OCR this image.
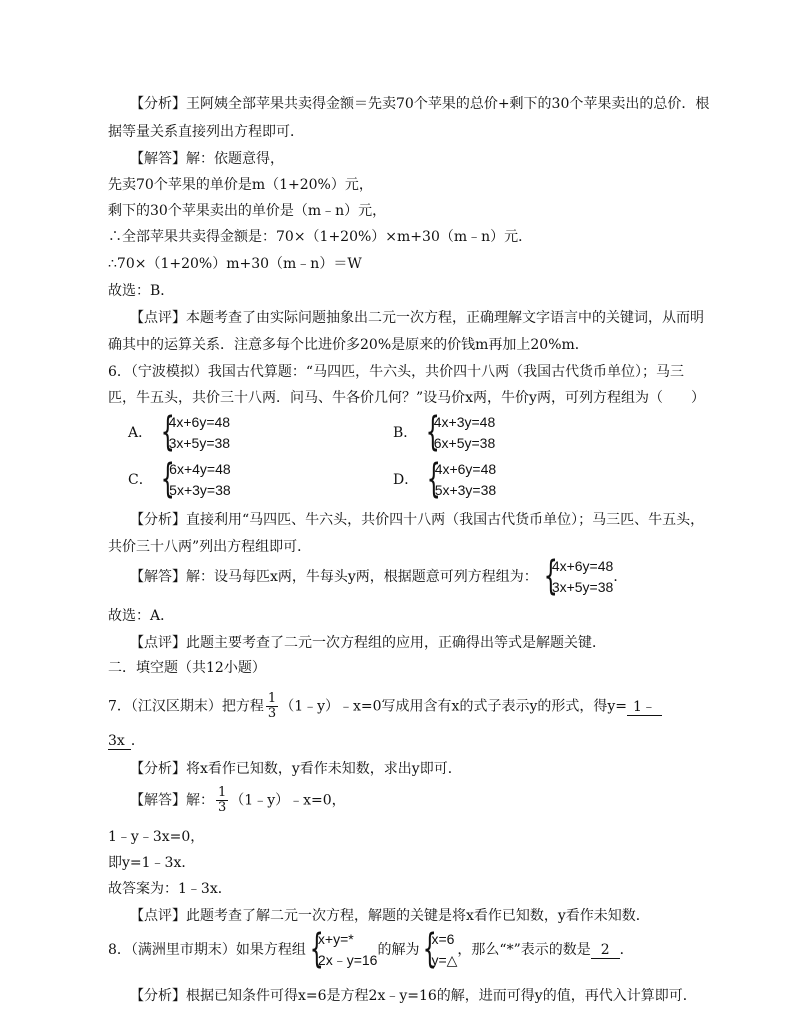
【分析】王阿姨全部苹果共卖得金额＝先卖70个苹果的总价+剩下的30个苹果卖出的总价．根
据等量关系直接列出方程即可．
【解答】解：依题意得，
先卖70个苹果的单价是m（1+20%）元，
剩下的30个苹果卖出的单价是（m﹣n）元，
∴全部苹果共卖得金额是：70×（1+20%）×m+30（m﹣n）元．
∴70×（1+20%）m+30（m﹣n）＝W
故选：B．
【点评】本题考查了由实际问题抽象出二元一次方程，正确理解文字语言中的关键词，从而明
确其中的运算关系．注意多每个比进价多20%是原来的价钱m再加上20%m．
6．（宁波模拟）我国古代算题：“马四匹，牛六头，共价四十八两（我国古代货币单位）；马三
匹，牛五头，共价三十八两．问马、牛各价几何？”设马价x两，牛价y两，可列方程组为（　　）
A．
{ 4x+6y=48
3x+5y=38
B．
{ 4x+3y=48
6x+5y=38
C．
{ 6x+4y=48
5x+3y=38
D．
{ 4x+6y=48
5x+3y=38
【分析】直接利用“马四匹、牛六头，共价四十八两（我国古代货币单位）；马三匹、牛五头，
共价三十八两”列出方程组即可．
【解答】解：设马每匹x两，牛每头y两，根据题意可列方程组为：
{ 4x+6y=48
3x+5y=38
．
故选：A．
【点评】此题主要考查了二元一次方程组的应用，正确得出等式是解题关键．
二．填空题（共12小题）
7．（江汉区期末）把方程 $\frac{1}{3}$ （1﹣y）﹣x=0写成用含有x的式子表示y的形式，得y= 1﹣
3x ．
【分析】将x看作已知数，y看作未知数，求出y即可．
【解答】解： $\frac{1}{3}$ （1﹣y）﹣x=0，
1﹣y﹣3x=0，
即y=1﹣3x．
故答案为：1﹣3x．
【点评】此题考查了解二元一次方程，解题的关键是将x看作已知数，y看作未知数．
8．（满洲里市期末）如果方程组
{ x+y=*
2x﹣y=16
的解为
{ x=6
y=△
，那么“*”表示的数是 2 ．
【分析】根据已知条件可得x=6是方程2x﹣y=16的解，进而可得y的值，再代入计算即可．
